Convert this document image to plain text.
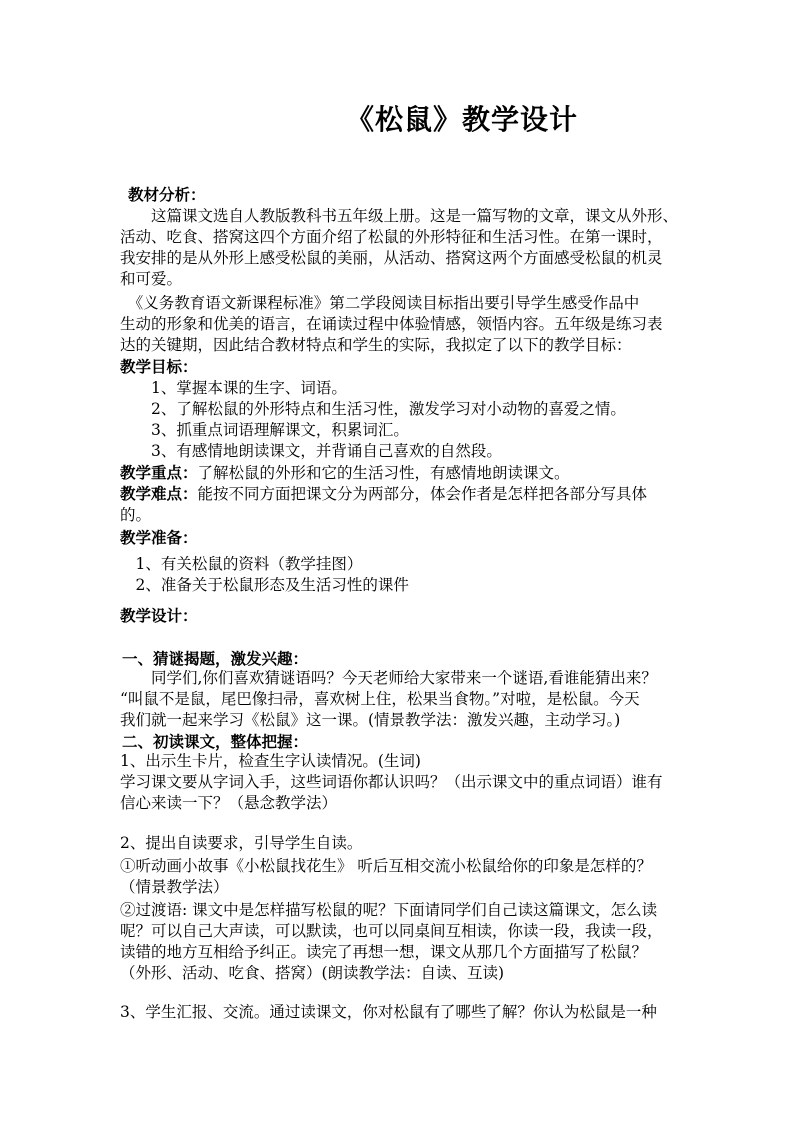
《松鼠》教学设计
教材分析：
　　这篇课文选自人教版教科书五年级上册。这是一篇写物的文章，课文从外形、
活动、吃食、搭窝这四个方面介绍了松鼠的外形特征和生活习性。在第一课时，
我安排的是从外形上感受松鼠的美丽，从活动、搭窝这两个方面感受松鼠的机灵
和可爱。
　《义务教育语文新课程标准》第二学段阅读目标指出要引导学生感受作品中
生动的形象和优美的语言，在诵读过程中体验情感，领悟内容。五年级是练习表
达的关键期，因此结合教材特点和学生的实际，我拟定了以下的教学目标：
教学目标：
　　1、掌握本课的生字、词语。
　　2、了解松鼠的外形特点和生活习性，激发学习对小动物的喜爱之情。
　　3、抓重点词语理解课文，积累词汇。
　　3、有感情地朗读课文，并背诵自己喜欢的自然段。
教学重点：了解松鼠的外形和它的生活习性，有感情地朗读课文。
教学难点：能按不同方面把课文分为两部分，体会作者是怎样把各部分写具体
的。
教学准备：
　1、有关松鼠的资料（教学挂图）
　2、准备关于松鼠形态及生活习性的课件
教学设计：
一、猜谜揭题，激发兴趣：
　　同学们,你们喜欢猜谜语吗？今天老师给大家带来一个谜语,看谁能猜出来？
“叫鼠不是鼠，尾巴像扫帚，喜欢树上住，松果当食物。”对啦，是松鼠。今天
我们就一起来学习《松鼠》这一课。(情景教学法：激发兴趣，主动学习。)
二、初读课文，整体把握：
1、出示生卡片，检查生字认读情况。(生词)
学习课文要从字词入手，这些词语你都认识吗？（出示课文中的重点词语）谁有
信心来读一下？（悬念教学法）
2、提出自读要求，引导学生自读。
①听动画小故事《小松鼠找花生》 听后互相交流小松鼠给你的印象是怎样的？
（情景教学法）
②过渡语: 课文中是怎样描写松鼠的呢？下面请同学们自己读这篇课文，怎么读
呢？可以自己大声读，可以默读，也可以同桌间互相读，你读一段，我读一段，
读错的地方互相给予纠正。读完了再想一想，课文从那几个方面描写了松鼠？
（外形、活动、吃食、搭窝）(朗读教学法：自读、互读)
3、学生汇报、交流。通过读课文，你对松鼠有了哪些了解？你认为松鼠是一种
